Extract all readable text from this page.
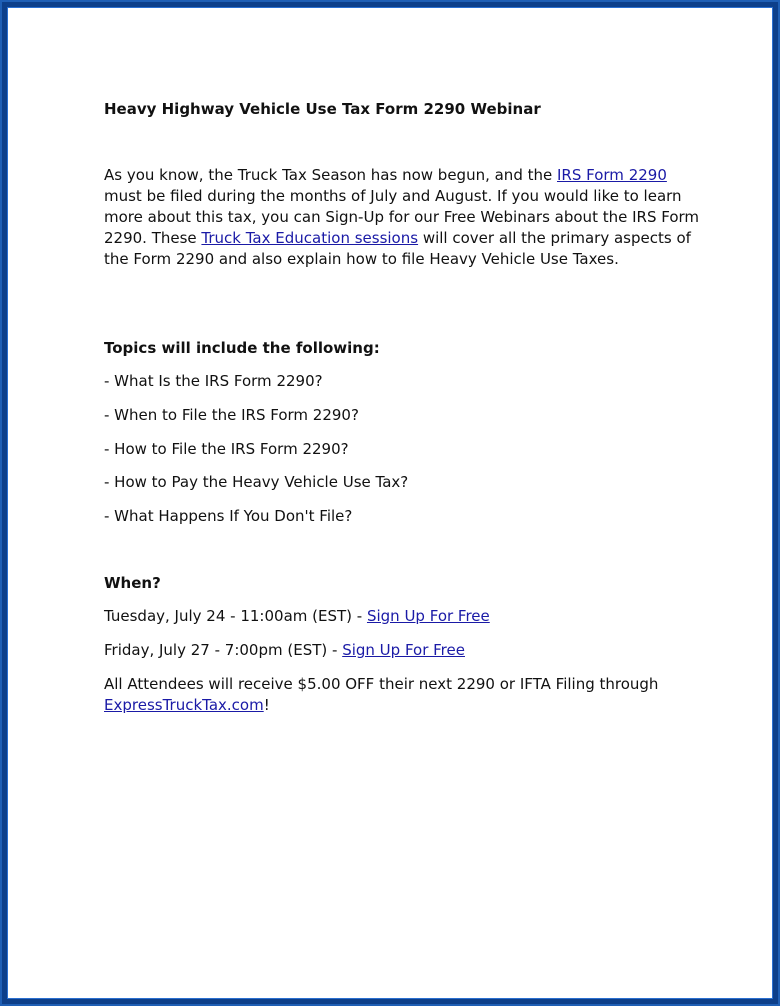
Heavy Highway Vehicle Use Tax Form 2290 Webinar
As you know, the Truck Tax Season has now begun, and the IRS Form 2290 must be filed during the months of July and August. If you would like to learn more about this tax, you can Sign-Up for our Free Webinars about the IRS Form 2290. These Truck Tax Education sessions will cover all the primary aspects of the Form 2290 and also explain how to file Heavy Vehicle Use Taxes.
Topics will include the following:
- What Is the IRS Form 2290?
- When to File the IRS Form 2290?
- How to File the IRS Form 2290?
- How to Pay the Heavy Vehicle Use Tax?
- What Happens If You Don't File?
When?
Tuesday, July 24 - 11:00am (EST) - Sign Up For Free
Friday, July 27 - 7:00pm (EST) - Sign Up For Free
All Attendees will receive $5.00 OFF their next 2290 or IFTA Filing through ExpressTruckTax.com!
